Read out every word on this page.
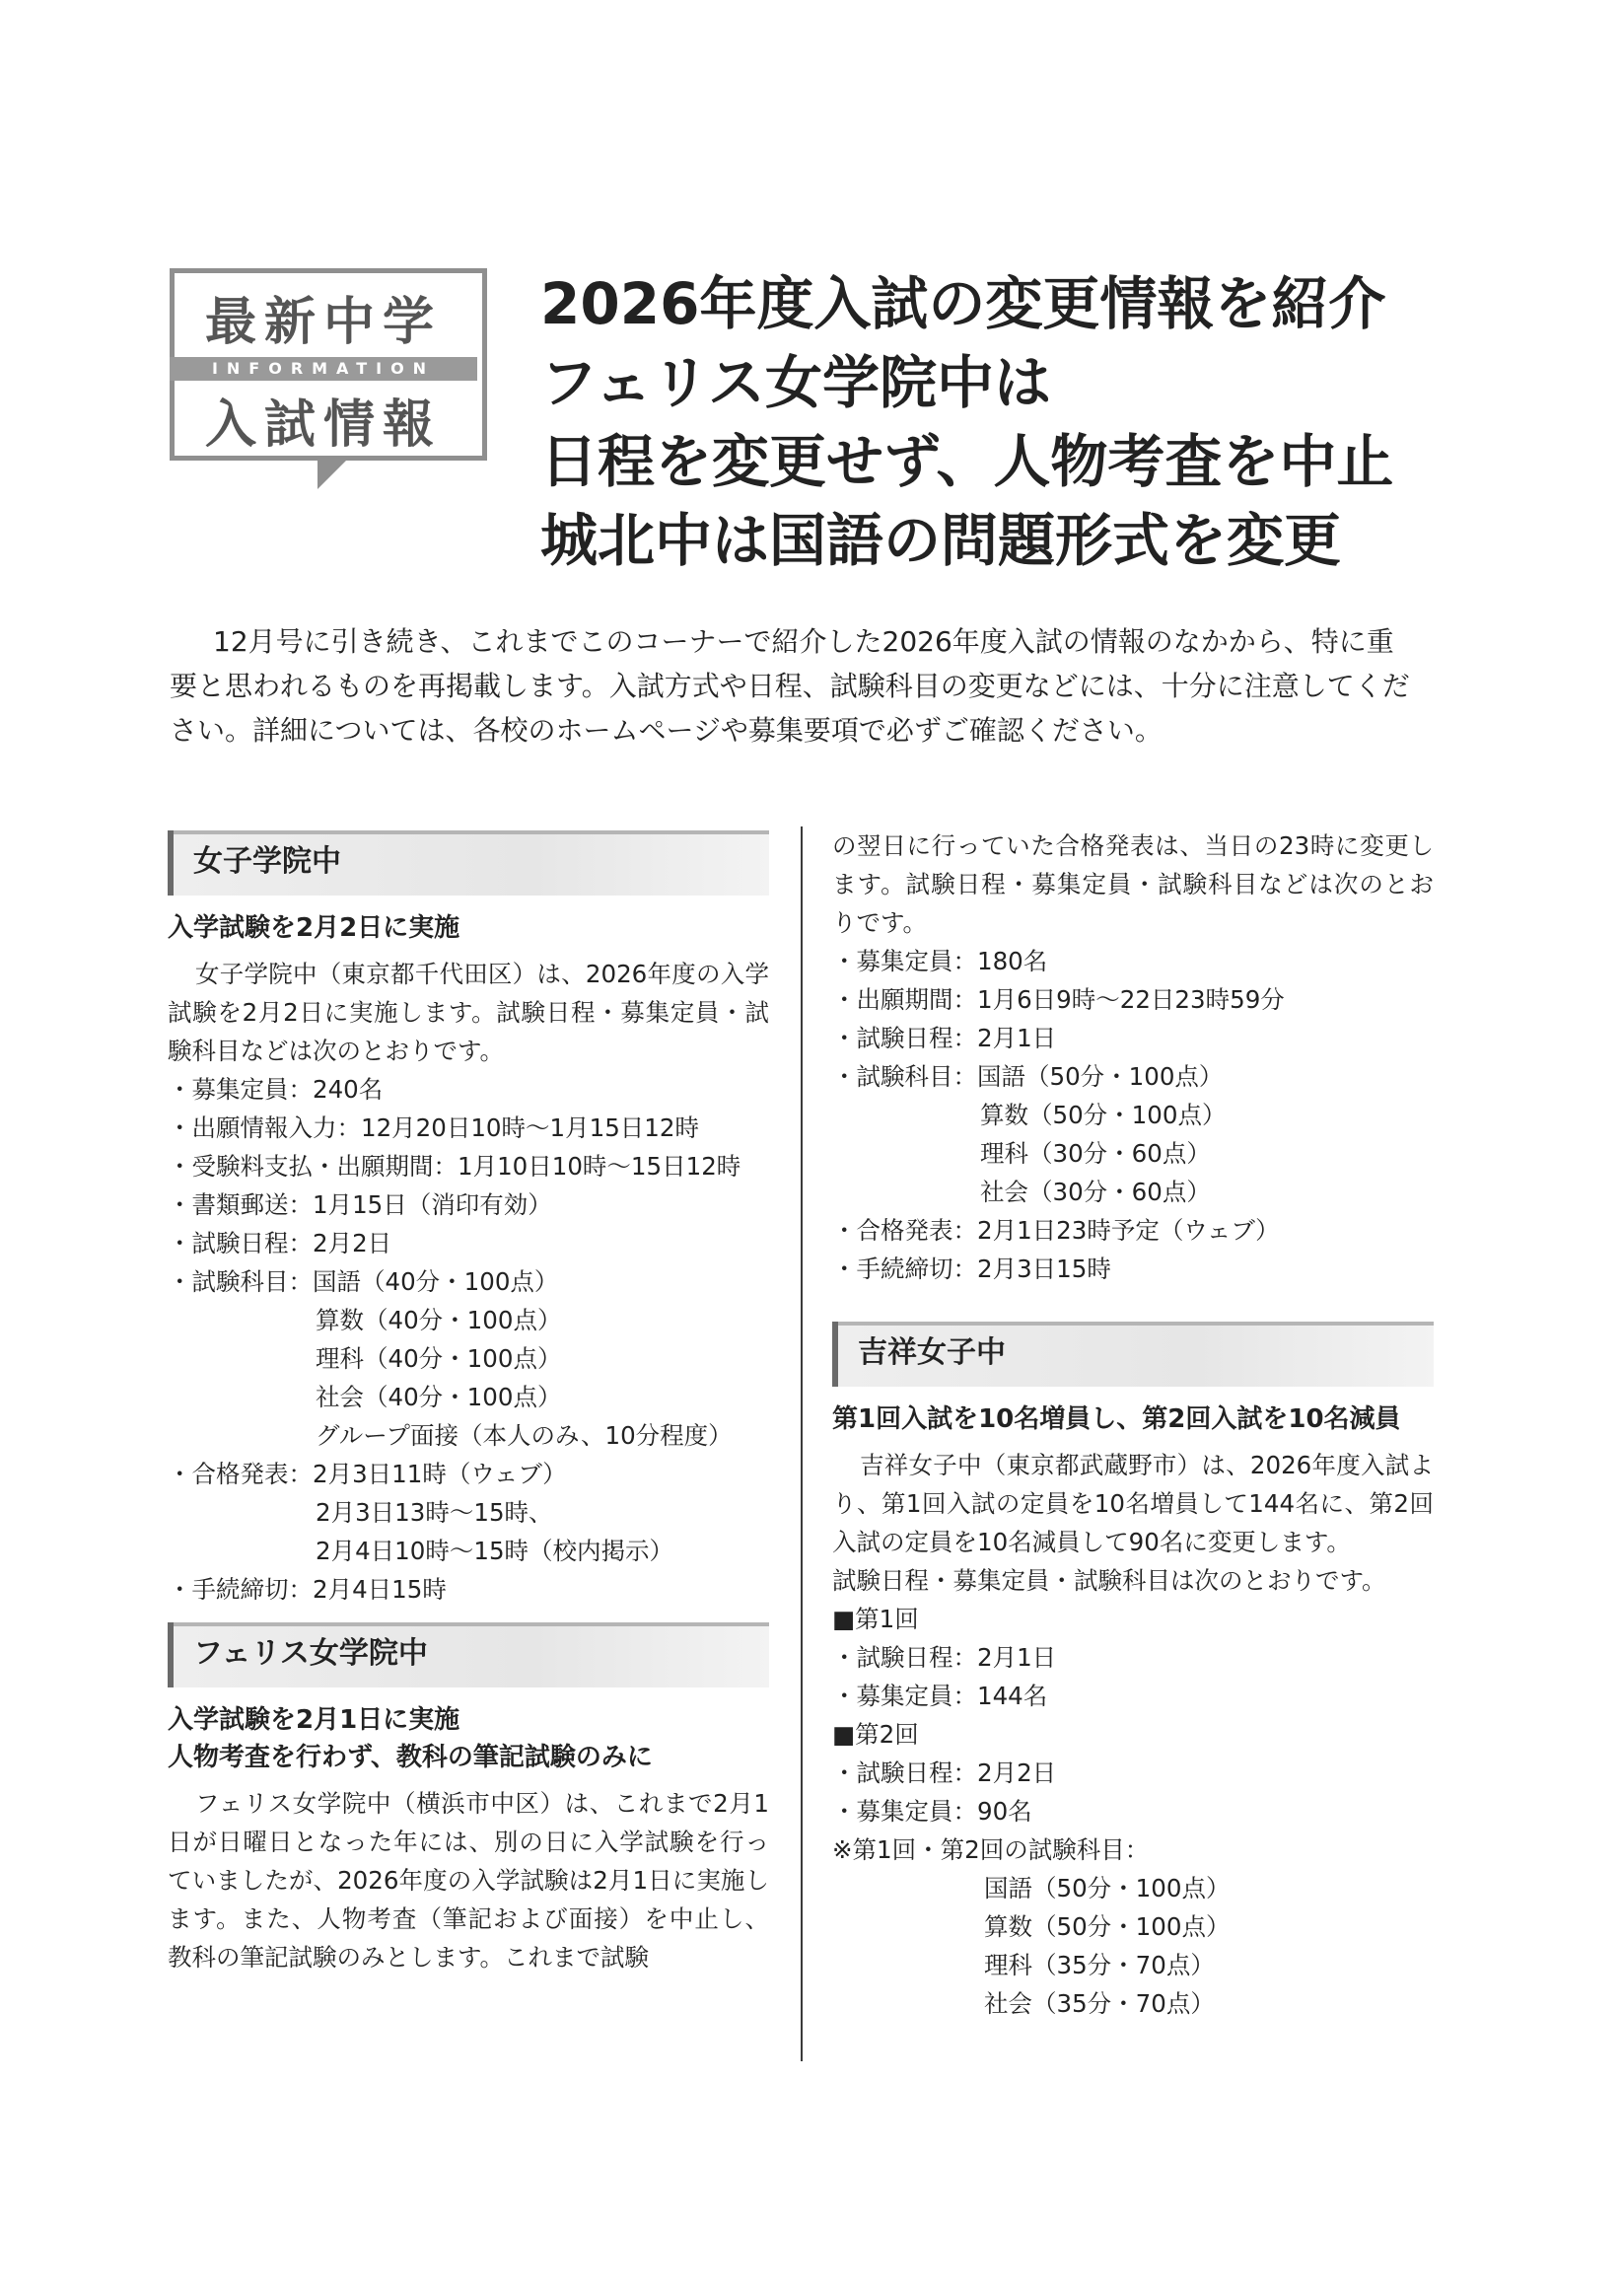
最新中学
INFORMATION
入試情報
2026年度入試の変更情報を紹介
フェリス女学院中は
日程を変更せず、人物考査を中止
城北中は国語の問題形式を変更

12月号に引き続き、これまでこのコーナーで紹介した2026年度入試の情報のなかから、特に重

要と思われるものを再掲載します。入試方式や日程、試験科目の変更などには、十分に注意してくだ
さい。詳細については、各校のホームページや募集要項で必ずご確認ください。
女子学院中
入学試験を2月2日に実施
女子学院中（東京都千代田区）は、2026年度の入学試験を2月2日に実施します。試験日程・募集定員・試験科目などは次のとおりです。
・募集定員：240名
・出願情報入力：12月20日10時～1月15日12時
・受験料支払・出願期間：1月10日10時～15日12時
・書類郵送：1月15日（消印有効）
・試験日程：2月2日
・試験科目：国語（40分・100点）
算数（40分・100点）
理科（40分・100点）
社会（40分・100点）
グループ面接（本人のみ、10分程度）
・合格発表：2月3日11時（ウェブ）
2月3日13時～15時、
2月4日10時～15時（校内掲示）
・手続締切：2月4日15時
フェリス女学院中
入学試験を2月1日に実施
人物考査を行わず、教科の筆記試験のみに
フェリス女学院中（横浜市中区）は、これまで2月1日が日曜日となった年には、別の日に入学試験を行っていましたが、2026年度の入学試験は2月1日に実施します。また、人物考査（筆記および面接）を中止し、教科の筆記試験のみとします。これまで試験
の翌日に行っていた合格発表は、当日の23時に変更します。試験日程・募集定員・試験科目などは次のとおりです。
・募集定員：180名
・出願期間：1月6日9時～22日23時59分
・試験日程：2月1日
・試験科目：国語（50分・100点）
算数（50分・100点）
理科（30分・60点）
社会（30分・60点）
・合格発表：2月1日23時予定（ウェブ）
・手続締切：2月3日15時
吉祥女子中
第1回入試を10名増員し、第2回入試を10名減員
吉祥女子中（東京都武蔵野市）は、2026年度入試より、第1回入試の定員を10名増員して144名に、第2回入試の定員を10名減員して90名に変更します。
試験日程・募集定員・試験科目は次のとおりです。
■第1回
・試験日程：2月1日
・募集定員：144名
■第2回
・試験日程：2月2日
・募集定員：90名
※第1回・第2回の試験科目：
国語（50分・100点）
算数（50分・100点）
理科（35分・70点）
社会（35分・70点）
